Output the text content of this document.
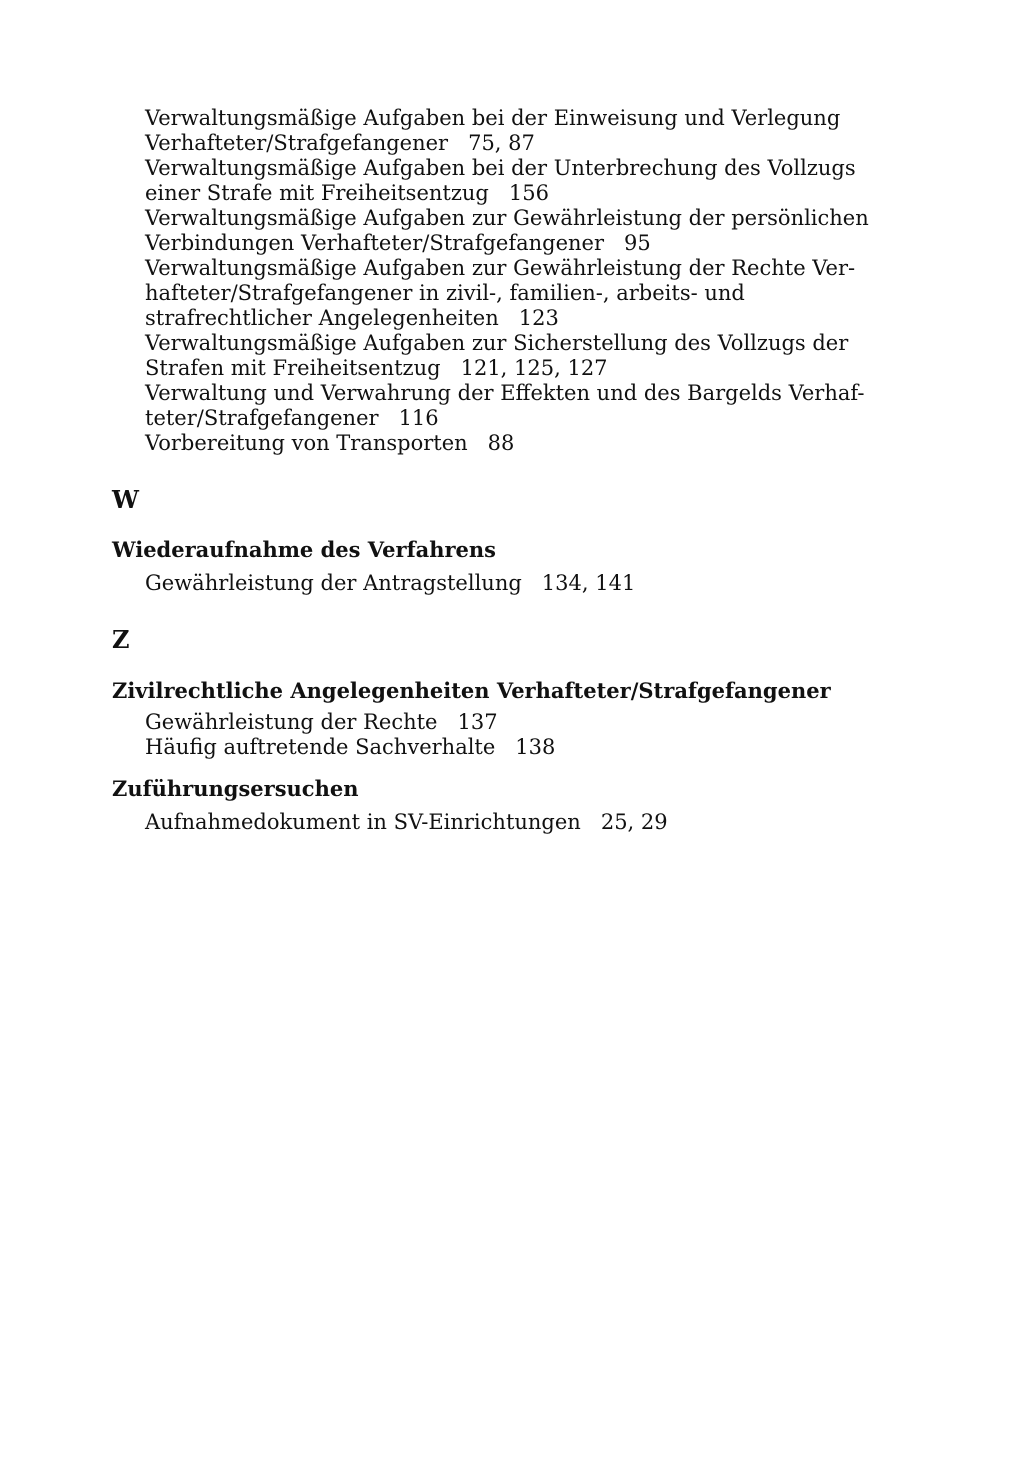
Verwaltungsmäßige Aufgaben bei der Einweisung und Verlegung
Verhafteter/Strafgefangener 75, 87
Verwaltungsmäßige Aufgaben bei der Unterbrechung des Vollzugs
einer Strafe mit Freiheitsentzug 156
Verwaltungsmäßige Aufgaben zur Gewährleistung der persönlichen
Verbindungen Verhafteter/Strafgefangener 95
Verwaltungsmäßige Aufgaben zur Gewährleistung der Rechte Ver-
hafteter/Strafgefangener in zivil-, familien-, arbeits- und
strafrechtlicher Angelegenheiten 123
Verwaltungsmäßige Aufgaben zur Sicherstellung des Vollzugs der
Strafen mit Freiheitsentzug 121, 125, 127
Verwaltung und Verwahrung der Effekten und des Bargelds Verhaf-
teter/Strafgefangener 116
Vorbereitung von Transporten 88
W
Wiederaufnahme des Verfahrens
Gewährleistung der Antragstellung 134, 141
Z
Zivilrechtliche Angelegenheiten Verhafteter/Strafgefangener
Gewährleistung der Rechte 137
Häufig auftretende Sachverhalte 138
Zuführungsersuchen
Aufnahmedokument in SV-Einrichtungen 25, 29
